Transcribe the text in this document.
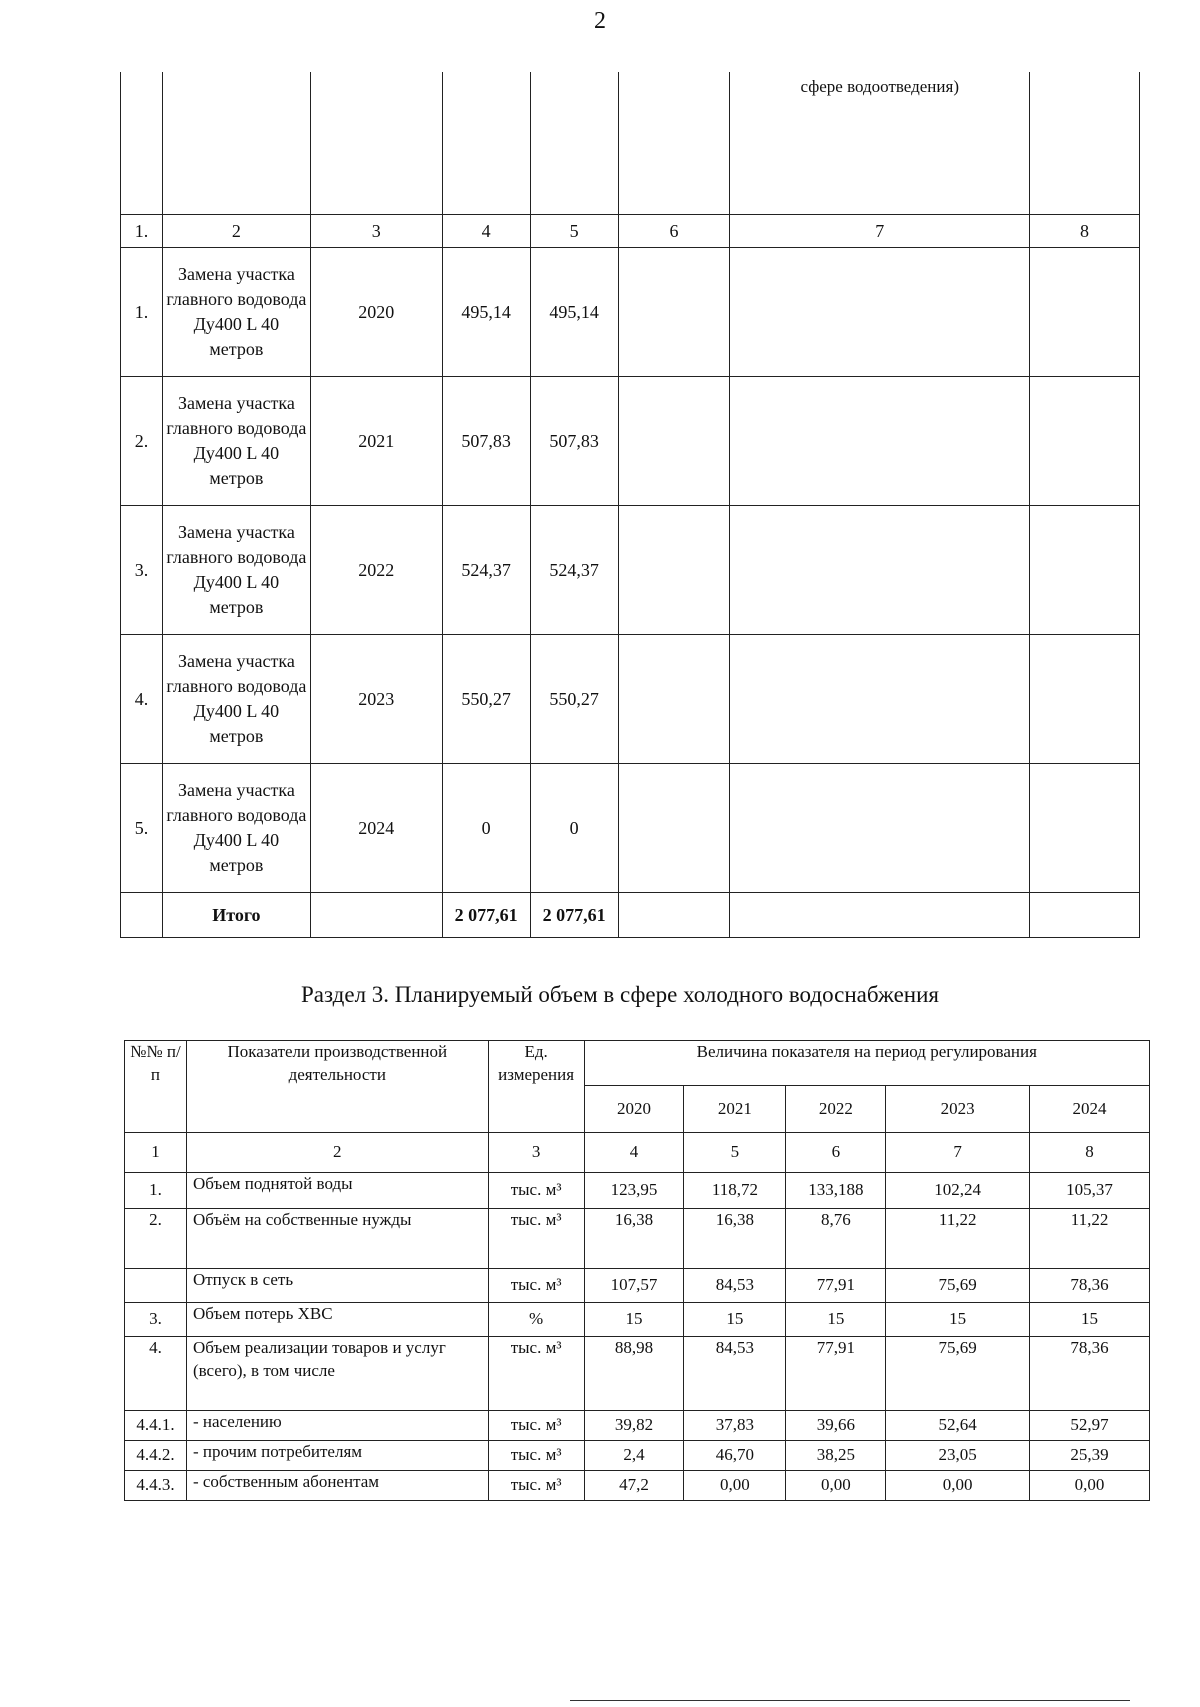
2
						сфере водоотведения)	
1.	2	3	4	5	6	7	8
1.	Замена участка главного водовода Ду400 L 40 метров	2020	495,14	495,14			
2.	Замена участка главного водовода Ду400 L 40 метров	2021	507,83	507,83			
3.	Замена участка главного водовода Ду400 L 40 метров	2022	524,37	524,37			
4.	Замена участка главного водовода Ду400 L 40 метров	2023	550,27	550,27			
5.	Замена участка главного водовода Ду400 L 40 метров	2024	0	0			
	Итого		2 077,61	2 077,61			
Раздел 3. Планируемый объем в сфере холодного водоснабжения
№№ п/п	Показатели производственной деятельности	Ед. измерения	Величина показателя на период регулирования				
			2020	2021	2022	2023	2024
1	2	3	4	5	6	7	8
1.	Объем поднятой воды	тыс. м³	123,95	118,72	133,188	102,24	105,37
2.	Объём на собственные нужды	тыс. м³	16,38	16,38	8,76	11,22	11,22
	Отпуск в сеть	тыс. м³	107,57	84,53	77,91	75,69	78,36
3.	Объем потерь ХВС	%	15	15	15	15	15
4.	Объем реализации товаров и услуг (всего), в том числе	тыс. м³	88,98	84,53	77,91	75,69	78,36
4.4.1.	- населению	тыс. м³	39,82	37,83	39,66	52,64	52,97
4.4.2.	- прочим потребителям	тыс. м³	2,4	46,70	38,25	23,05	25,39
4.4.3.	- собственным абонентам	тыс. м³	47,2	0,00	0,00	0,00	0,00
